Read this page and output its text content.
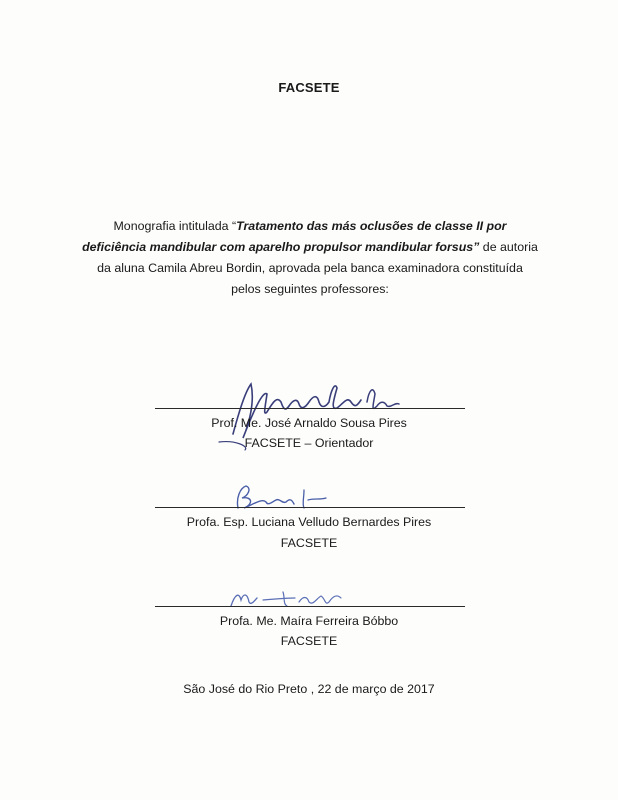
FACSETE
Monografia intitulada “Tratamento das más oclusões de classe II por deficiência mandibular com aparelho propulsor mandibular forsus” de autoria da aluna Camila Abreu Bordin, aprovada pela banca examinadora constituída pelos seguintes professores:
Prof. Me. José Arnaldo Sousa Pires
FACSETE – Orientador
Profa. Esp. Luciana Velludo Bernardes Pires
FACSETE
Profa. Me. Maíra Ferreira Bóbbo
FACSETE
São José do Rio Preto , 22 de março de 2017
